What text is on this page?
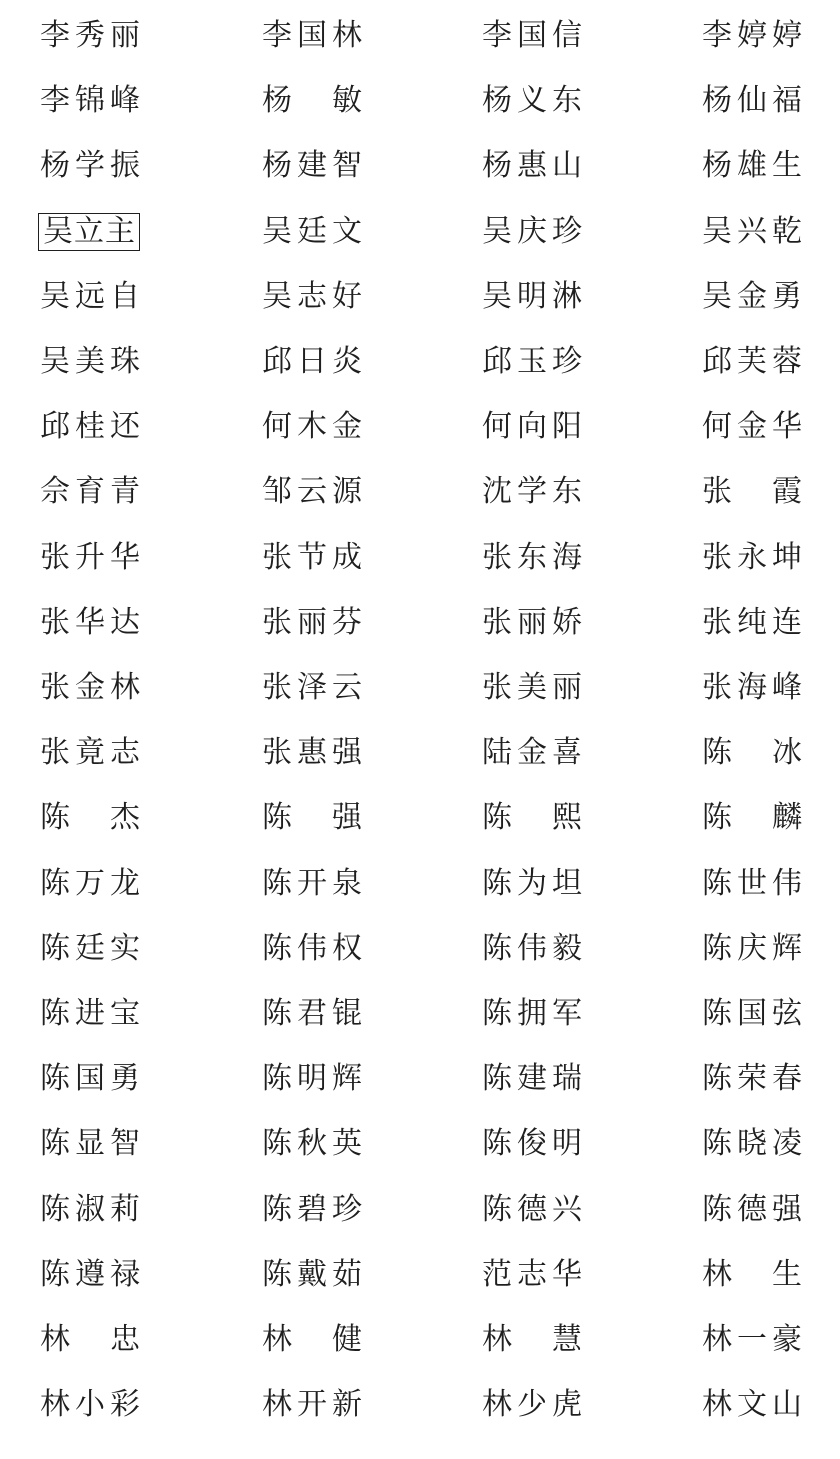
李 秀 丽	李 国 林	李 国 信	李 婷 婷
李 锦 峰	杨 敏	杨 义 东	杨 仙 福
杨 学 振	杨 建 智	杨 惠 山	杨 雄 生
吴 立 主	吴 廷 文	吴 庆 珍	吴 兴 乾
吴 远 自	吴 志 好	吴 明 淋	吴 金 勇
吴 美 珠	邱 日 炎	邱 玉 珍	邱 芙 蓉
邱 桂 还	何 木 金	何 向 阳	何 金 华
佘 育 青	邹 云 源	沈 学 东	张 霞
张 升 华	张 节 成	张 东 海	张 永 坤
张 华 达	张 丽 芬	张 丽 娇	张 纯 连
张 金 林	张 泽 云	张 美 丽	张 海 峰
张 竟 志	张 惠 强	陆 金 喜	陈 冰
陈 杰	陈 强	陈 熙	陈 麟
陈 万 龙	陈 开 泉	陈 为 坦	陈 世 伟
陈 廷 实	陈 伟 权	陈 伟 毅	陈 庆 辉
陈 进 宝	陈 君 锟	陈 拥 军	陈 国 弦
陈 国 勇	陈 明 辉	陈 建 瑞	陈 荣 春
陈 显 智	陈 秋 英	陈 俊 明	陈 晓 凌
陈 淑 莉	陈 碧 珍	陈 德 兴	陈 德 强
陈 遵 禄	陈 戴 茹	范 志 华	林 生
林 忠	林 健	林 慧	林 一 豪
林 小 彩	林 开 新	林 少 虎	林 文 山
